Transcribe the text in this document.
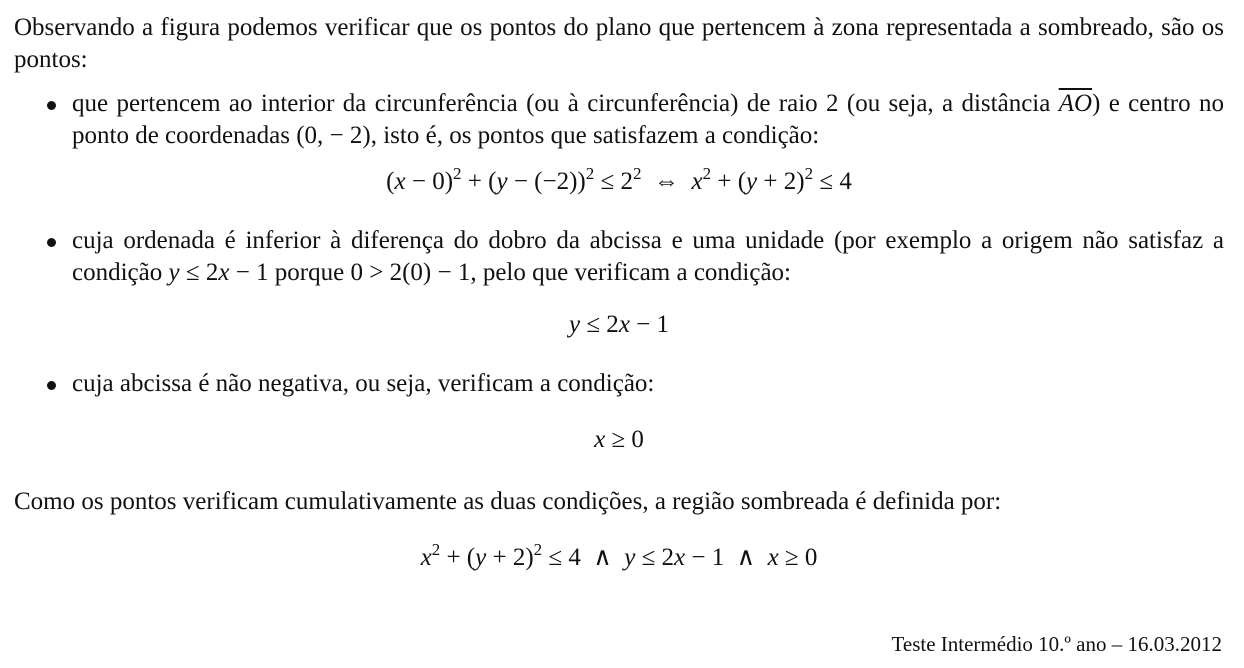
Observando a figura podemos verificar que os pontos do plano que pertencem à zona representada a sombreado, são os pontos:

que pertencem ao interior da circunferência (ou à circunferência) de raio 2 (ou seja, a distância $\overline{AO}$) e centro no ponto de coordenadas (0, − 2), isto é, os pontos que satisfazem a condição:

$(x - 0)^2 + (y - (-2))^2 \le 2^2$  ⇔  $x^2 + (y + 2)^2 \le 4$

cuja ordenada é inferior à diferença do dobro da abcissa e uma unidade (por exemplo a origem não satisfaz a condição y ≤ 2x − 1 porque 0 > 2(0) − 1, pelo que verificam a condição:

y ≤ 2x − 1

cuja abcissa é não negativa, ou seja, verificam a condição:

x ≥ 0

Como os pontos verificam cumulativamente as duas condições, a região sombreada é definida por:

$x^2 + (y + 2)^2 \le 4$  ∧  y ≤ 2x − 1  ∧  x ≥ 0
Teste Intermédio 10.º ano – 16.03.2012
